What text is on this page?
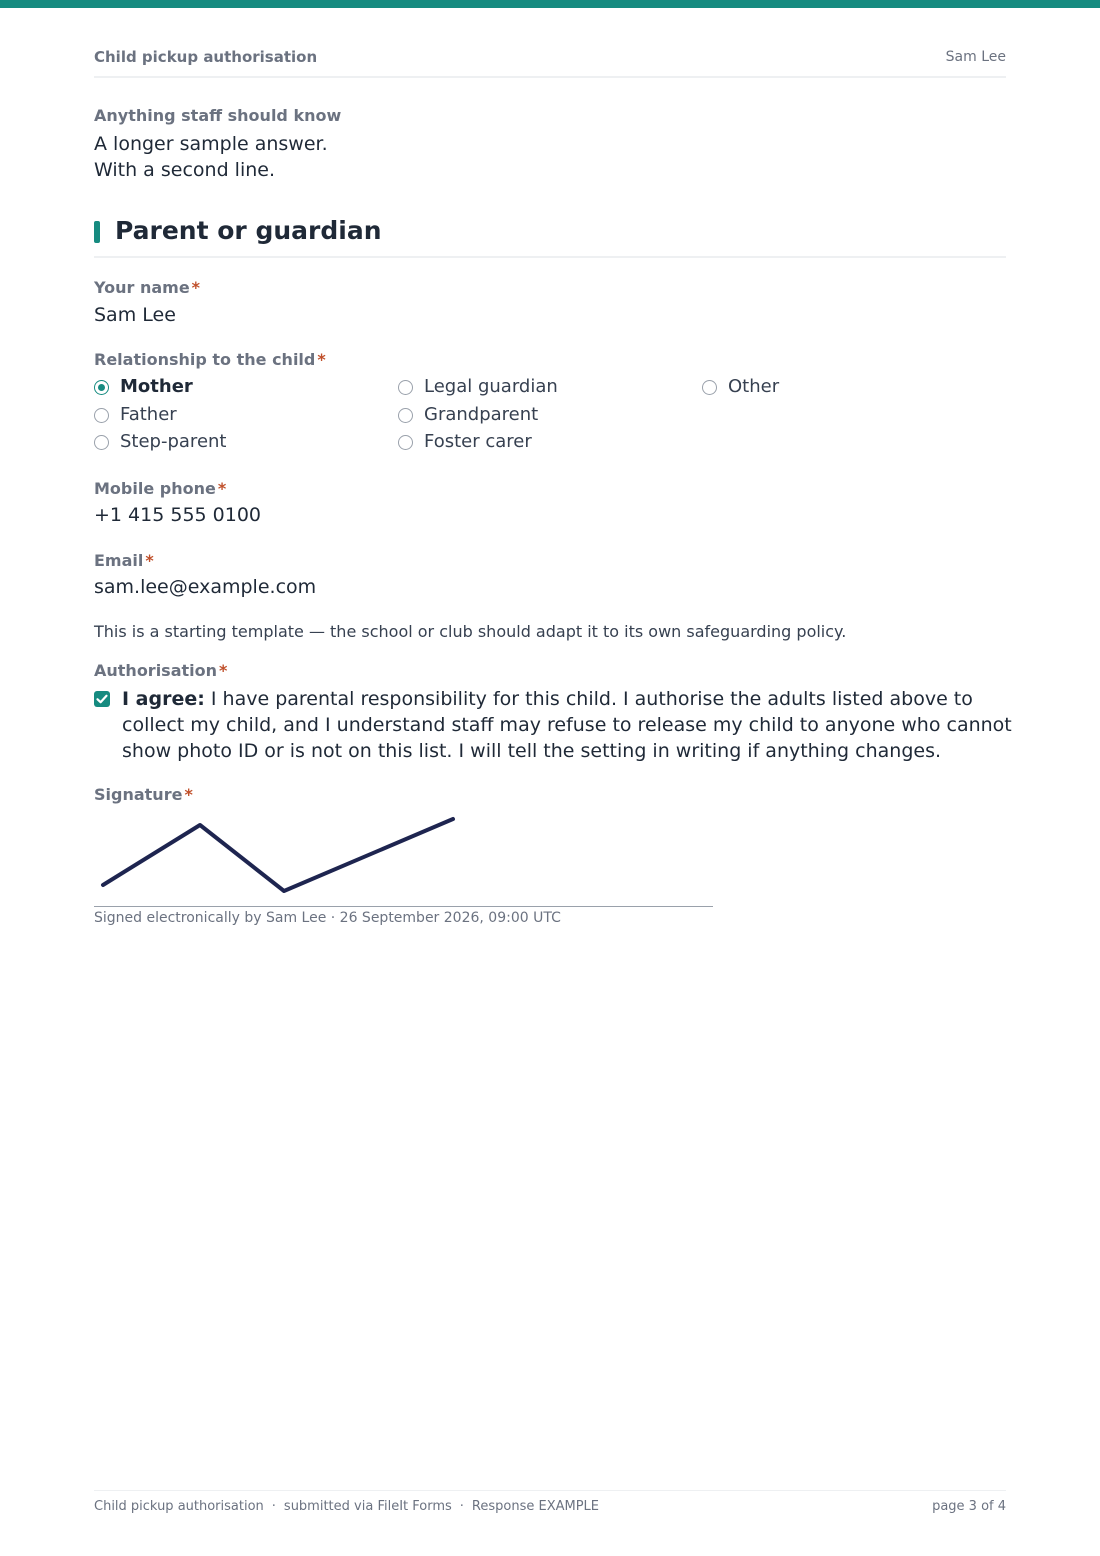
Child pickup authorisation	Sam Lee
Anything staff should know
A longer sample answer.
With a second line.
Parent or guardian
Your name *
Sam Lee
Relationship to the child *
Mother
Father
Step-parent
Legal guardian
Grandparent
Foster carer
Other
Mobile phone *
+1 415 555 0100
Email *
sam.lee@example.com
This is a starting template — the school or club should adapt it to its own safeguarding policy.
Authorisation *
I agree: I have parental responsibility for this child. I authorise the adults listed above to collect my child, and I understand staff may refuse to release my child to anyone who cannot show photo ID or is not on this list. I will tell the setting in writing if anything changes.
Signature *
Signed electronically by Sam Lee · 26 September 2026, 09:00 UTC
Child pickup authorisation · submitted via FileIt Forms · Response EXAMPLE	page 3 of 4
